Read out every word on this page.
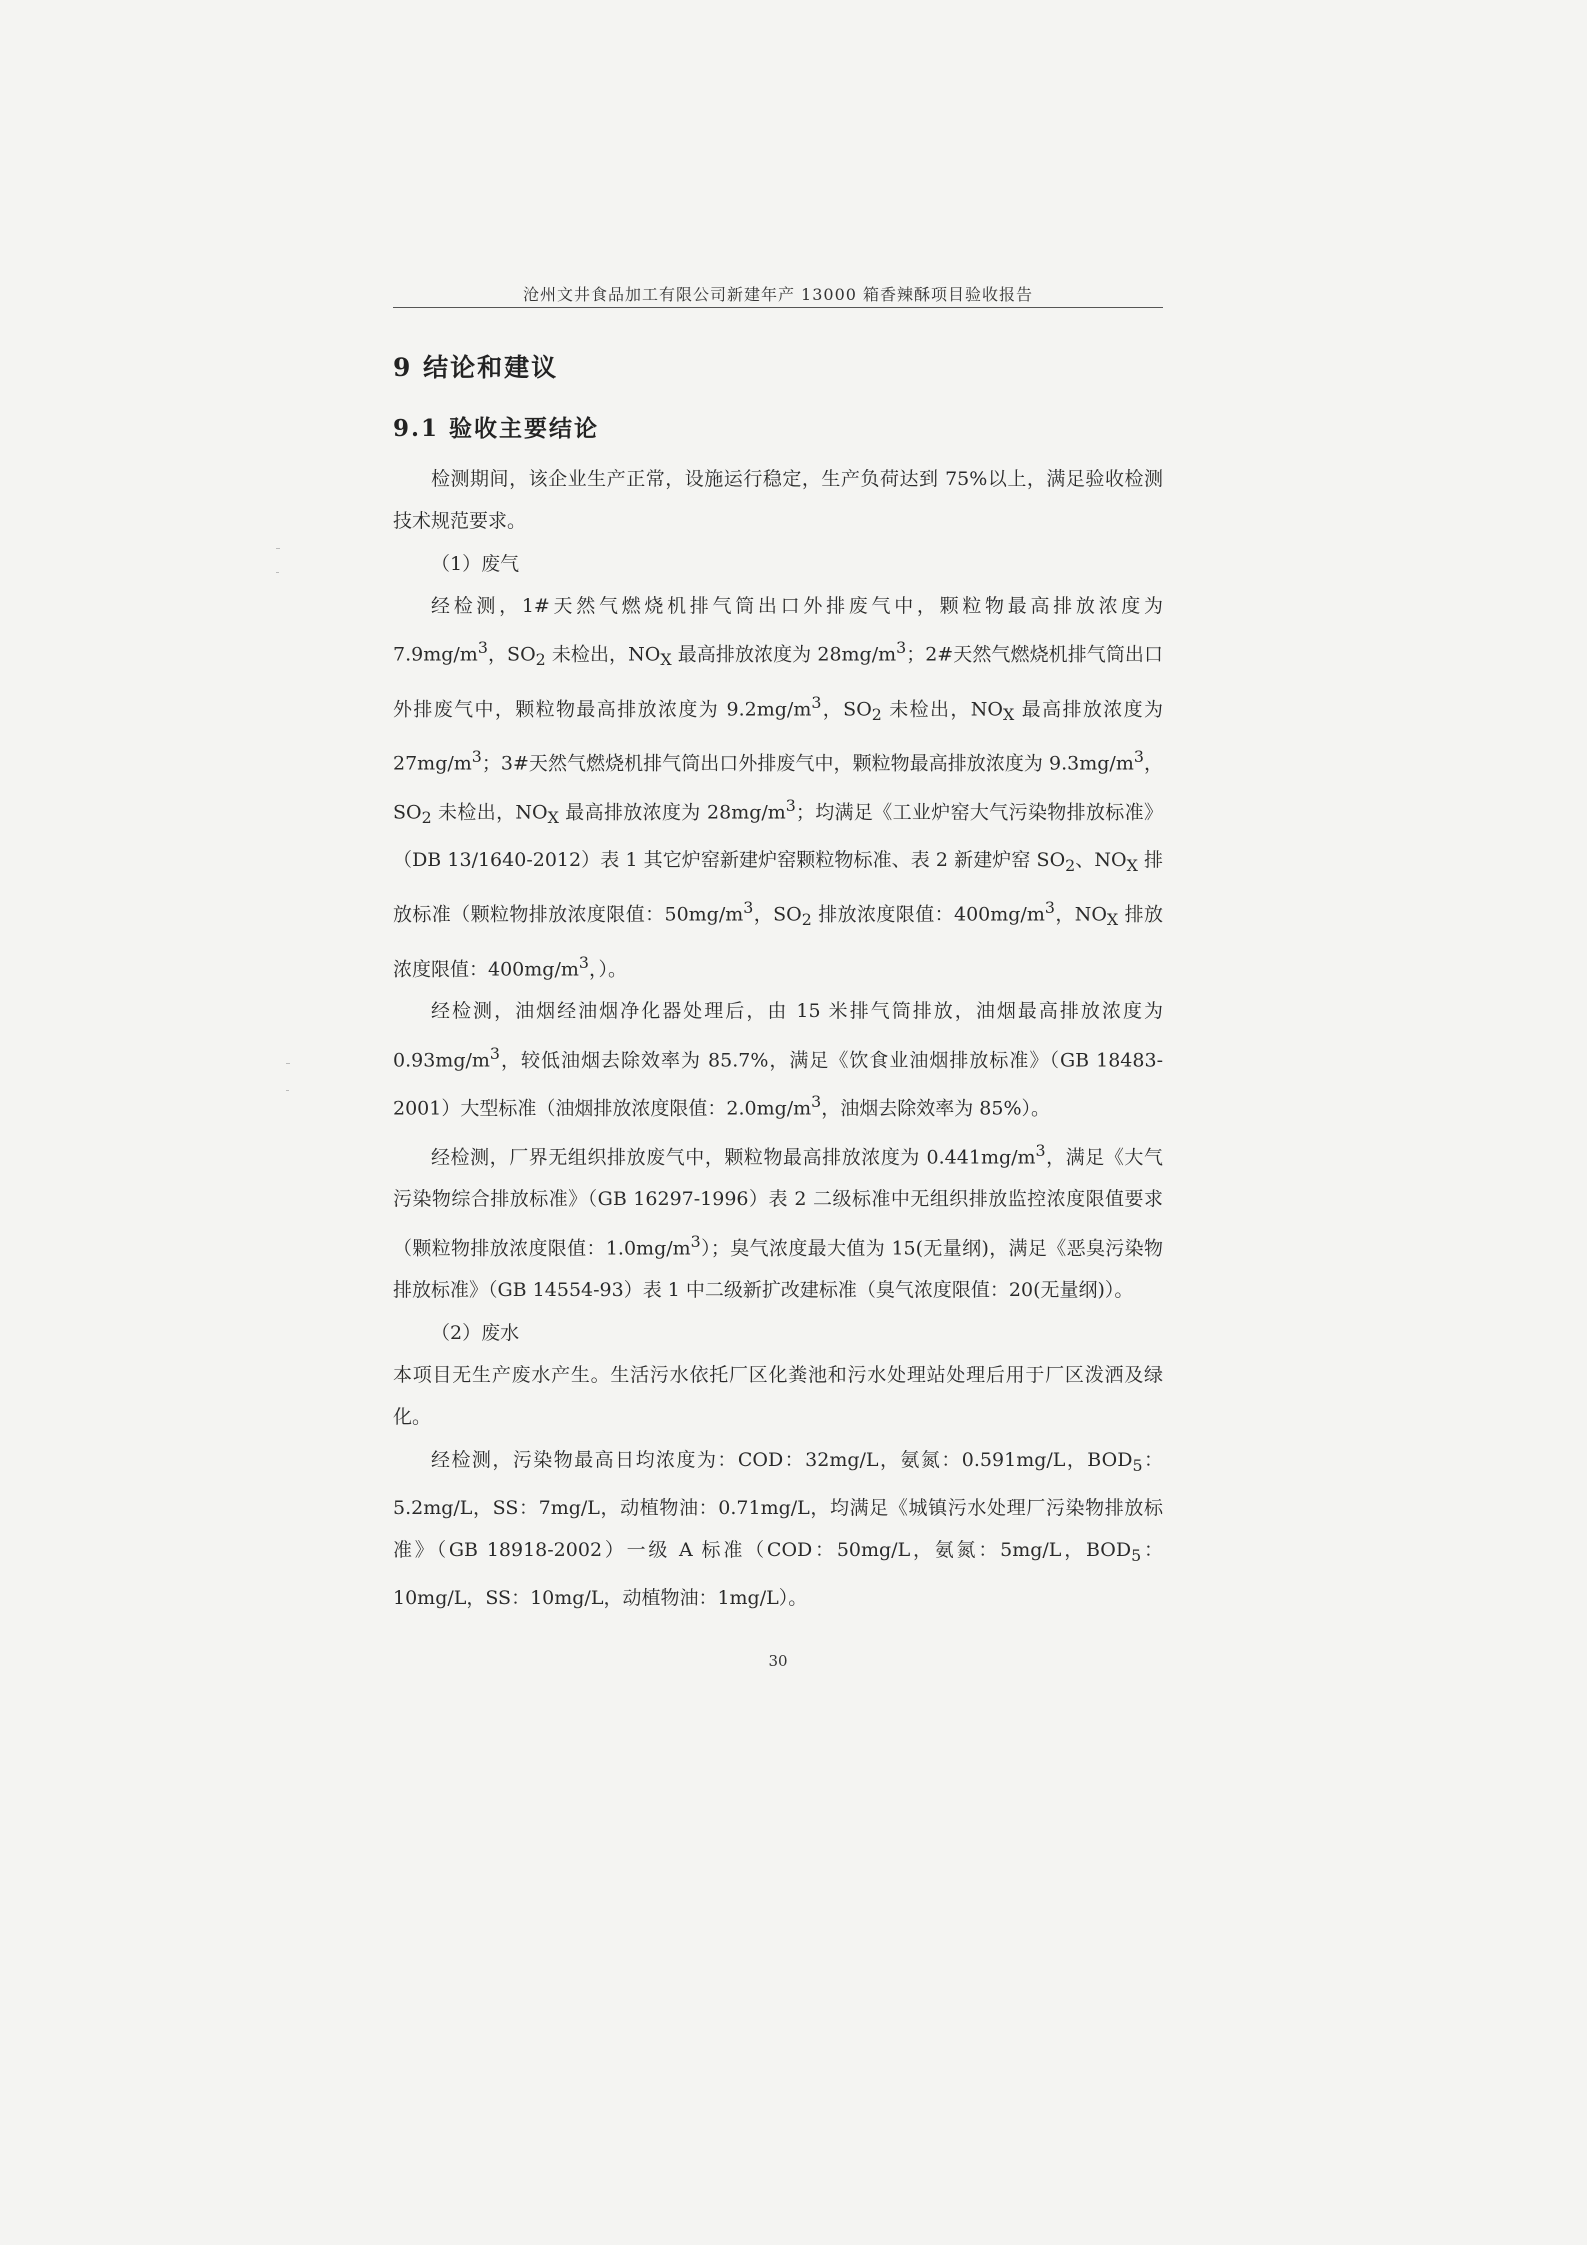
沧州文井食品加工有限公司新建年产 13000 箱香辣酥项目验收报告
9 结论和建议
9.1 验收主要结论

检测期间，该企业生产正常，设施运行稳定，生产负荷达到 75%以上，满足验收检测技术规范要求。

（1）废气

经检测，1#天然气燃烧机排气筒出口外排废气中，颗粒物最高排放浓度为 $7.9mg/m^3$，$SO_2$ 未检出，$NO_X$ 最高排放浓度为 $28mg/m^3$；2#天然气燃烧机排气筒出口外排废气中，颗粒物最高排放浓度为 $9.2mg/m^3$，$SO_2$ 未检出，$NO_X$ 最高排放浓度为 $27mg/m^3$；3#天然气燃烧机排气筒出口外排废气中，颗粒物最高排放浓度为 $9.3mg/m^3$，$SO_2$ 未检出，$NO_X$ 最高排放浓度为 $28mg/m^3$；均满足《工业炉窑大气污染物排放标准》（DB 13/1640-2012）表 1 其它炉窑新建炉窑颗粒物标准、表 2 新建炉窑 $SO_2$、$NO_X$ 排放标准（颗粒物排放浓度限值：$50mg/m^3$，$SO_2$ 排放浓度限值：$400mg/m^3$，$NO_X$ 排放浓度限值：$400mg/m^3$，）。

经检测，油烟经油烟净化器处理后，由 15 米排气筒排放，油烟最高排放浓度为 $0.93mg/m^3$，较低油烟去除效率为 85.7%，满足《饮食业油烟排放标准》（GB 18483-2001）大型标准（油烟排放浓度限值：$2.0mg/m^3$，油烟去除效率为 85%）。

经检测，厂界无组织排放废气中，颗粒物最高排放浓度为 $0.441mg/m^3$，满足《大气污染物综合排放标准》（GB 16297-1996）表 2 二级标准中无组织排放监控浓度限值要求（颗粒物排放浓度限值：$1.0mg/m^3$）；臭气浓度最大值为 15(无量纲)，满足《恶臭污染物排放标准》（GB 14554-93）表 1 中二级新扩改建标准（臭气浓度限值：20(无量纲)）。

（2）废水

本项目无生产废水产生。生活污水依托厂区化粪池和污水处理站处理后用于厂区泼洒及绿化。

经检测，污染物最高日均浓度为：COD：32mg/L，氨氮：0.591mg/L，$BOD_5$：5.2mg/L，SS：7mg/L，动植物油：0.71mg/L，均满足《城镇污水处理厂污染物排放标准》（GB 18918-2002）一级 A 标准（COD：50mg/L，氨氮：5mg/L，$BOD_5$：10mg/L，SS：10mg/L，动植物油：1mg/L）。

30
